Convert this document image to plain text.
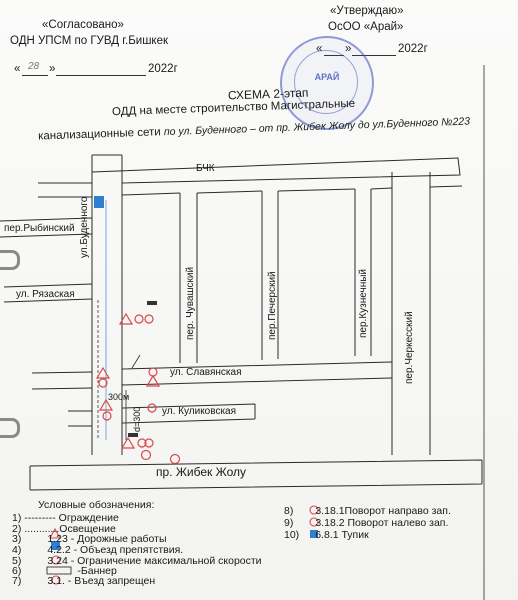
«Согласовано»
ОДН УПСМ по ГУВД г.Бишкек
« 28 »	2022г
«Утверждаю»
ОсОО «Арай»
« »	2022г
АРАЙ
СХЕМА 2-этап
ОДД на месте строительство Магистральные
канализационные сети по ул. Буденного – от пр. Жибек Жолу до ул.Буденного №223
БЧК
пер.Рыбинский
ул. Рязаская
ул.Буденного
пер. Чувашский	пер.Печерский	пер.Кузнечный
пер.Черкесский
ул. Славянская
ул. Куликовская
пр. Жибек Жолу
300м
d=300
Условные обозначения:
1) --------- Ограждение
2) ............Освещение
3) 1.23 - Дорожные работы
4) 4.2.2 - Объезд препятствия.
5) 3.24 - Ограничение максимальной скорости
6)	-Баннер
7) 3.1. - Въезд запрещен
8) 3.18.1Поворот направо зап.
9) 3.18.2 Поворот налево зап.
10) 6.8.1 Тупик
